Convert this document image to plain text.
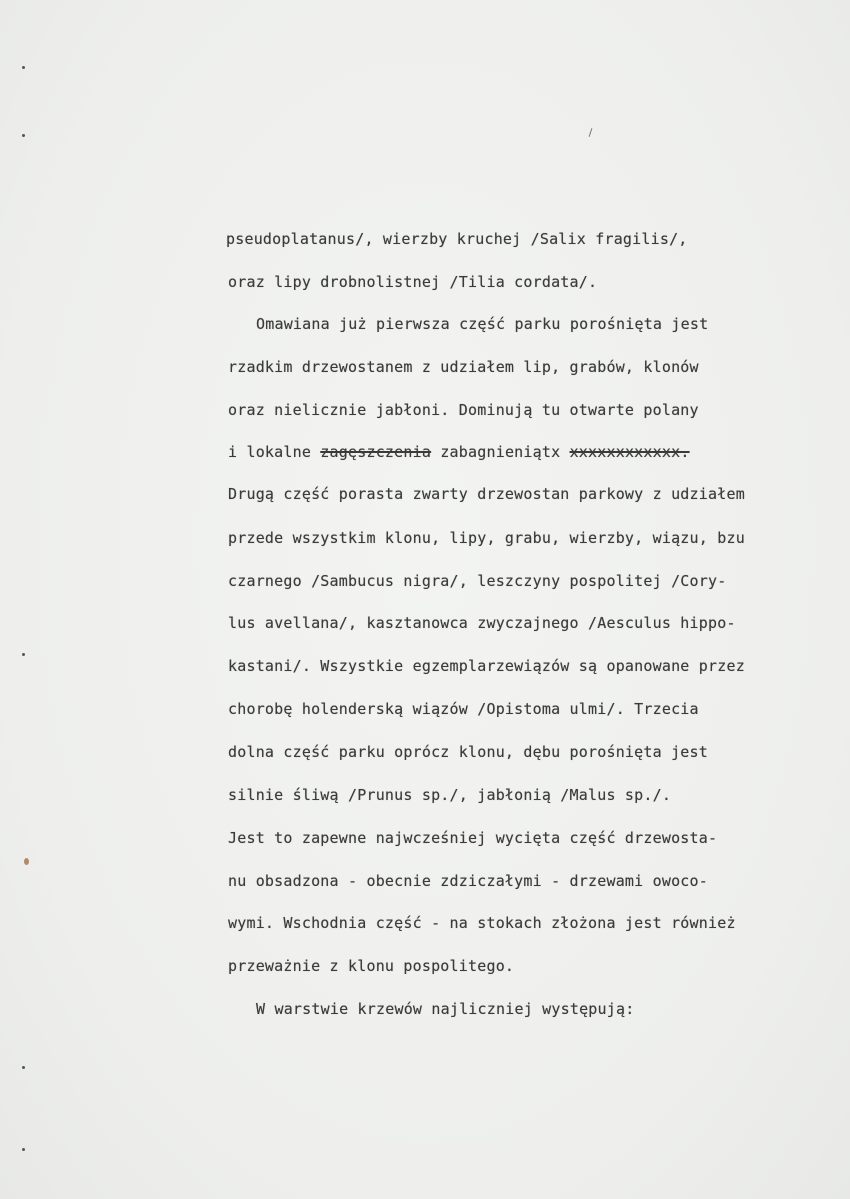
pseudoplatanus/, wierzby kruchej /Salix fragilis/,
oraz lipy drobnolistnej /Tilia cordata/.
Omawiana już pierwsza część parku porośnięta jest
rzadkim drzewostanem z udziałem lip, grabów, klonów
oraz nielicznie jabłoni. Dominują tu otwarte polany
i lokalne zagęszczenia zabagnieniątx xxxxxxxxxxxx.
Drugą część porasta zwarty drzewostan parkowy z udziałem
przede wszystkim klonu, lipy, grabu, wierzby, wiązu, bzu
czarnego /Sambucus nigra/, leszczyny pospolitej /Cory-
lus avellana/, kasztanowca zwyczajnego /Aesculus hippo-
kastani/. Wszystkie egzemplarzewiązów są opanowane przez
chorobę holenderską wiązów /Opistoma ulmi/. Trzecia
dolna część parku oprócz klonu, dębu porośnięta jest
silnie śliwą /Prunus sp./, jabłonią /Malus sp./.
Jest to zapewne najwcześniej wycięta część drzewosta-
nu obsadzona - obecnie zdziczałymi - drzewami owoco-
wymi. Wschodnia część - na stokach złożona jest również
przeważnie z klonu pospolitego.
W warstwie krzewów najliczniej występują:
